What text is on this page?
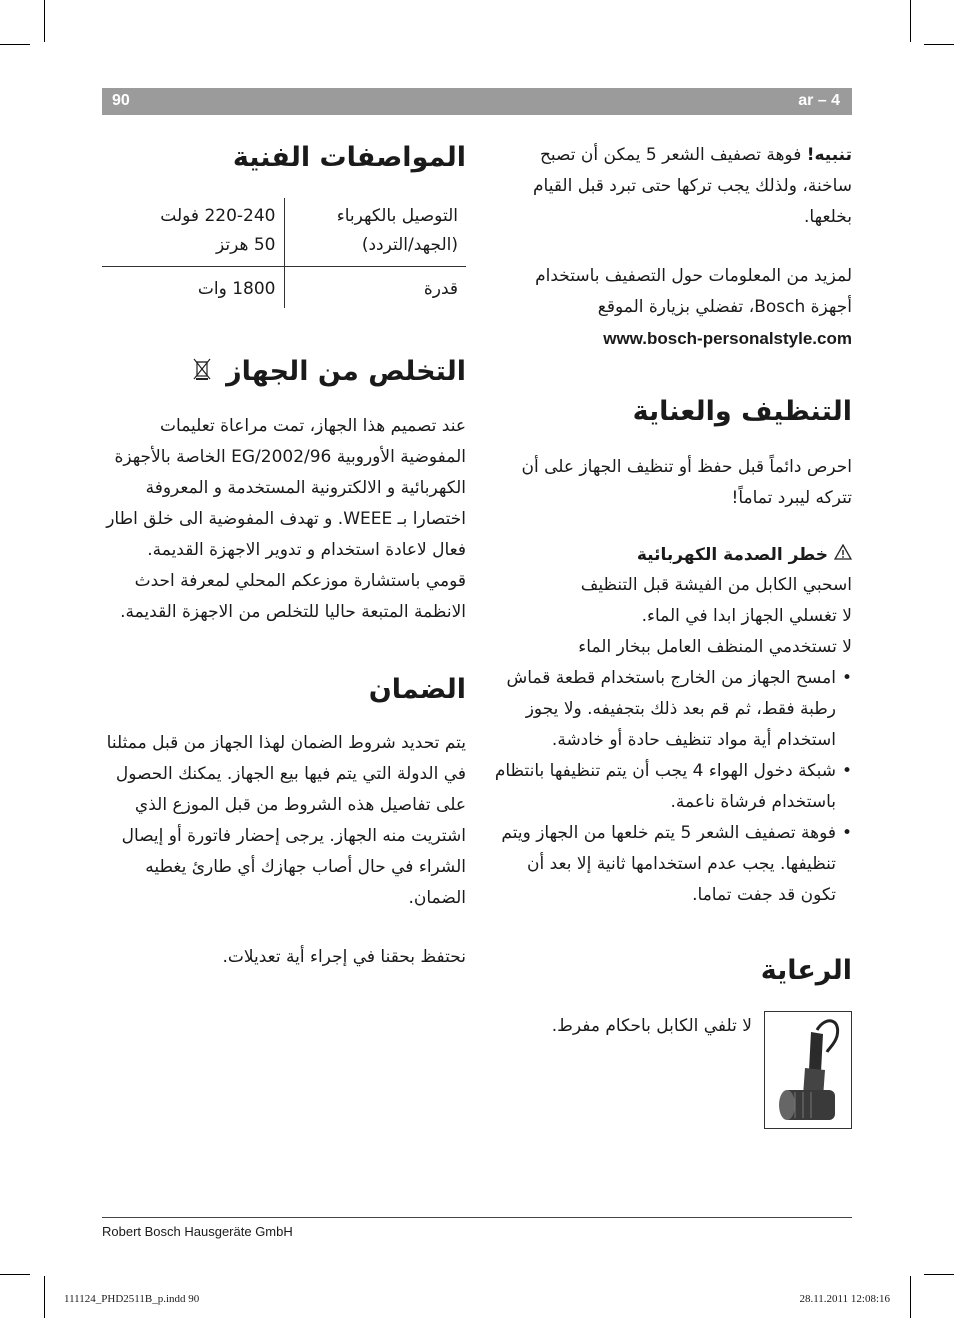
90	ar – 4

تنبيه! فوهة تصفيف الشعر 5 يمكن أن تصبح ساخنة، ولذلك يجب تركها حتى تبرد قبل القيام بخلعها.

لمزيد من المعلومات حول التصفيف باستخدام أجهزة Bosch، تفضلي بزيارة الموقع

www.bosch-personalstyle.com

التنظيف والعناية

احرص دائماً قبل حفظ أو تنظيف الجهاز على أن تتركه ليبرد تماماً!

خطر الصدمة الكهربائية

اسحبي الكابل من الفيشة قبل التنظيف

لا تغسلي الجهاز ابدا في الماء.

لا تستخدمي المنظف العامل ببخار الماء

• امسح الجهاز من الخارج باستخدام قطعة قماش رطبة فقط، ثم قم بعد ذلك بتجفيفه. ولا يجوز استخدام أية مواد تنظيف حادة أو خادشة.
• شبكة دخول الهواء 4 يجب أن يتم تنظيفها بانتظام باستخدام فرشاة ناعمة.
• فوهة تصفيف الشعر 5 يتم خلعها من الجهاز ويتم تنظيفها. يجب عدم استخدامها ثانية إلا بعد أن تكون قد جفت تماما.
الرعاية

لا تلفي الكابل باحكام مفرط.

المواصفات الفنية
التوصيل بالكهرباء (الجهد/التردد)	220-240 فولت
50 هرتز

قدرة	1800 وات
التخلص من الجهاز

عند تصميم هذا الجهاز، تمت مراعاة تعليمات المفوضية الأوروبية 2002/96/EG الخاصة بالأجهزة الكهربائية و الالكترونية المستخدمة و المعروفة اختصارا بـ WEEE. و تهدف المفوضية الى خلق اطار فعال لاعادة استخدام و تدوير الاجهزة القديمة.

قومي باستشارة موزعكم المحلي لمعرفة احدث الانظمة المتبعة حاليا للتخلص من الاجهزة القديمة.

الضمان

يتم تحديد شروط الضمان لهذا الجهاز من قبل ممثلنا في الدولة التي يتم فيها بيع الجهاز. يمكنك الحصول على تفاصيل هذه الشروط من قبل الموزع الذي اشتريت منه الجهاز. يرجى إحضار فاتورة أو إيصال الشراء في حال أصاب جهازك أي طارئ يغطيه الضمان.

نحتفظ بحقنا في إجراء أية تعديلات.

Robert Bosch Hausgeräte GmbH
111124_PHD2511B_p.indd 90	28.11.2011 12:08:16
